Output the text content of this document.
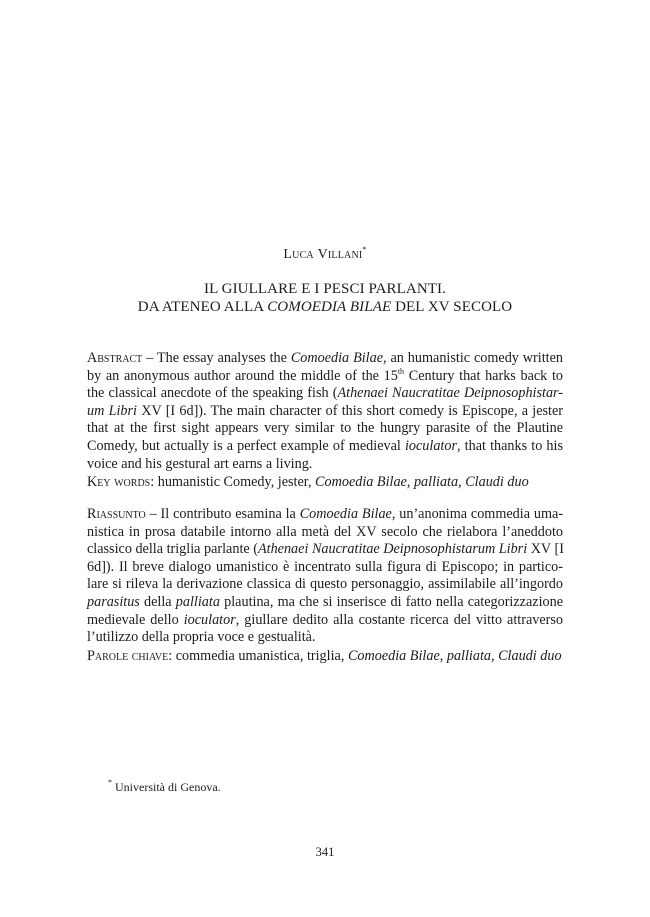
Luca Villani*
IL GIULLARE E I PESCI PARLANTI.
DA ATENEO ALLA COMOEDIA BILAE DEL XV SECOLO
Abstract – The essay analyses the Comoedia Bilae, an humanistic comedy written
by an anonymous author around the middle of the 15th Century that harks back to
the classical anecdote of the speaking fish (Athenaei Naucratitae Deipnosophistar-
um Libri XV [I 6d]). The main character of this short comedy is Episcope, a jester
that at the first sight appears very similar to the hungry parasite of the Plautine
Comedy, but actually is a perfect example of medieval ioculator, that thanks to his
voice and his gestural art earns a living.
Key words: humanistic Comedy, jester, Comoedia Bilae, palliata, Claudi duo
Riassunto – Il contributo esamina la Comoedia Bilae, un’anonima commedia uma-
nistica in prosa databile intorno alla metà del XV secolo che rielabora l’aneddoto
classico della triglia parlante (Athenaei Naucratitae Deipnosophistarum Libri XV [I
6d]). Il breve dialogo umanistico è incentrato sulla figura di Episcopo; in partico-
lare si rileva la derivazione classica di questo personaggio, assimilabile all’ingordo
parasitus della palliata plautina, ma che si inserisce di fatto nella categorizzazione
medievale dello ioculator, giullare dedito alla costante ricerca del vitto attraverso
l’utilizzo della propria voce e gestualità.
Parole chiave: commedia umanistica, triglia, Comoedia Bilae, palliata, Claudi duo
* Università di Genova.
341
